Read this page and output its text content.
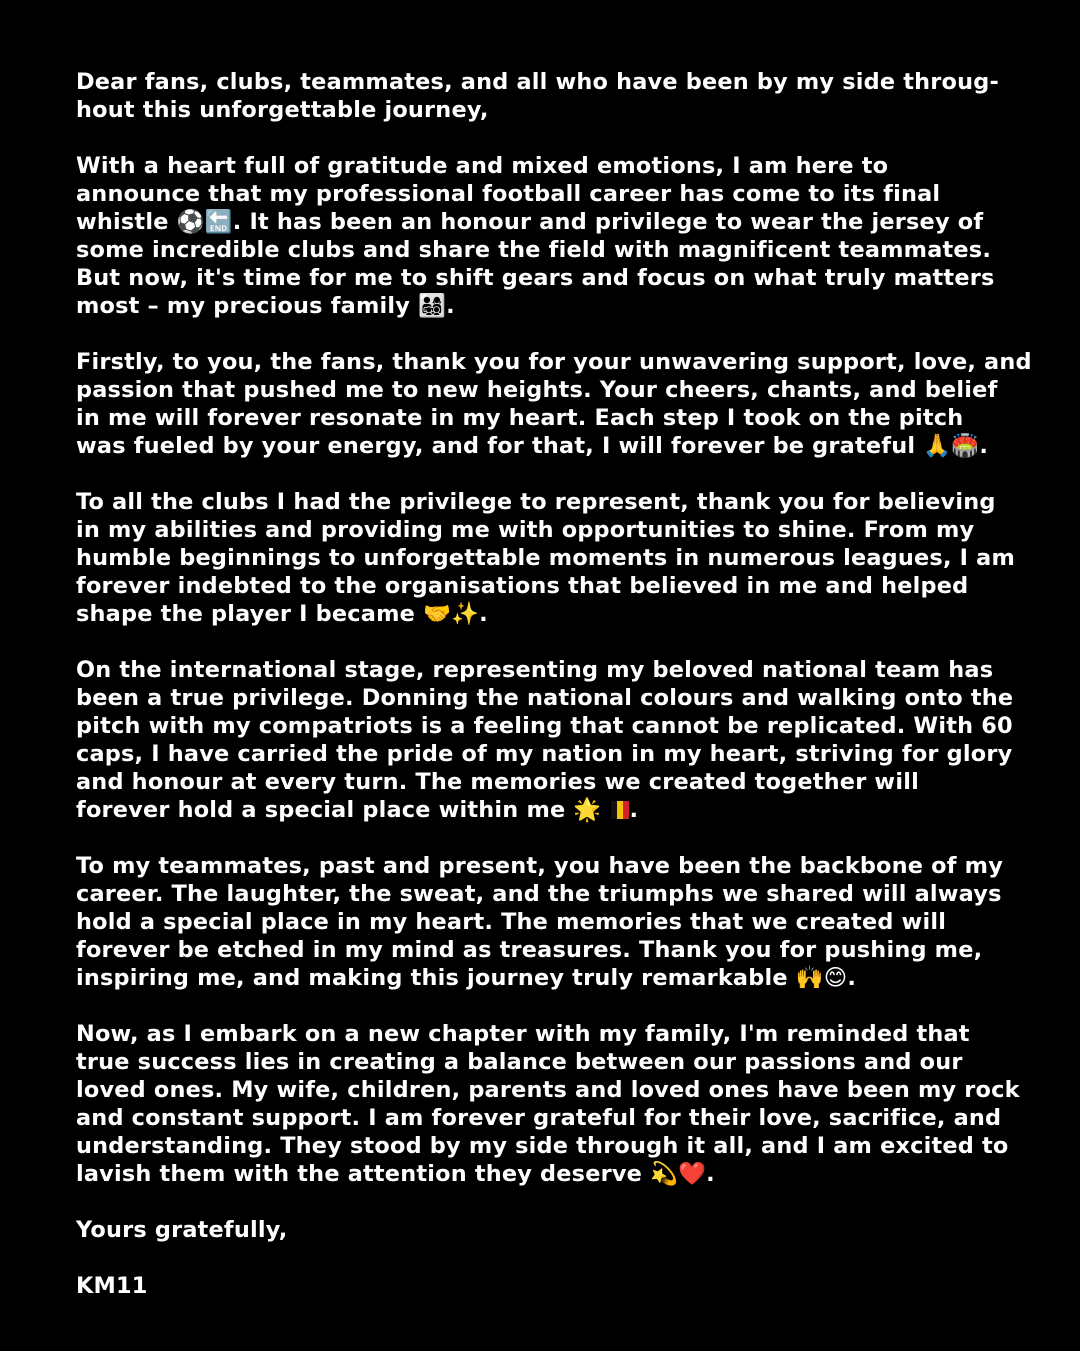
Dear fans, clubs, teammates, and all who have been by my side throug-
hout this unforgettable journey,

With a heart full of gratitude and mixed emotions, I am here to
announce that my professional football career has come to its final
whistle ⚽🔚. It has been an honour and privilege to wear the jersey of
some incredible clubs and share the field with magnificent teammates.
But now, it's time for me to shift gears and focus on what truly matters
most – my precious family 👨‍👩‍👧‍👦.

Firstly, to you, the fans, thank you for your unwavering support, love, and
passion that pushed me to new heights. Your cheers, chants, and belief
in me will forever resonate in my heart. Each step I took on the pitch
was fueled by your energy, and for that, I will forever be grateful 🙏🏟️.

To all the clubs I had the privilege to represent, thank you for believing
in my abilities and providing me with opportunities to shine. From my
humble beginnings to unforgettable moments in numerous leagues, I am
forever indebted to the organisations that believed in me and helped
shape the player I became 🤝✨.

On the international stage, representing my beloved national team has
been a true privilege. Donning the national colours and walking onto the
pitch with my compatriots is a feeling that cannot be replicated. With 60
caps, I have carried the pride of my nation in my heart, striving for glory
and honour at every turn. The memories we created together will
forever hold a special place within me 🌟 .

To my teammates, past and present, you have been the backbone of my
career. The laughter, the sweat, and the triumphs we shared will always
hold a special place in my heart. The memories that we created will
forever be etched in my mind as treasures. Thank you for pushing me,
inspiring me, and making this journey truly remarkable 🙌😊.

Now, as I embark on a new chapter with my family, I'm reminded that
true success lies in creating a balance between our passions and our
loved ones. My wife, children, parents and loved ones have been my rock
and constant support. I am forever grateful for their love, sacrifice, and
understanding. They stood by my side through it all, and I am excited to
lavish them with the attention they deserve 💫❤️.

Yours gratefully,

KM11
